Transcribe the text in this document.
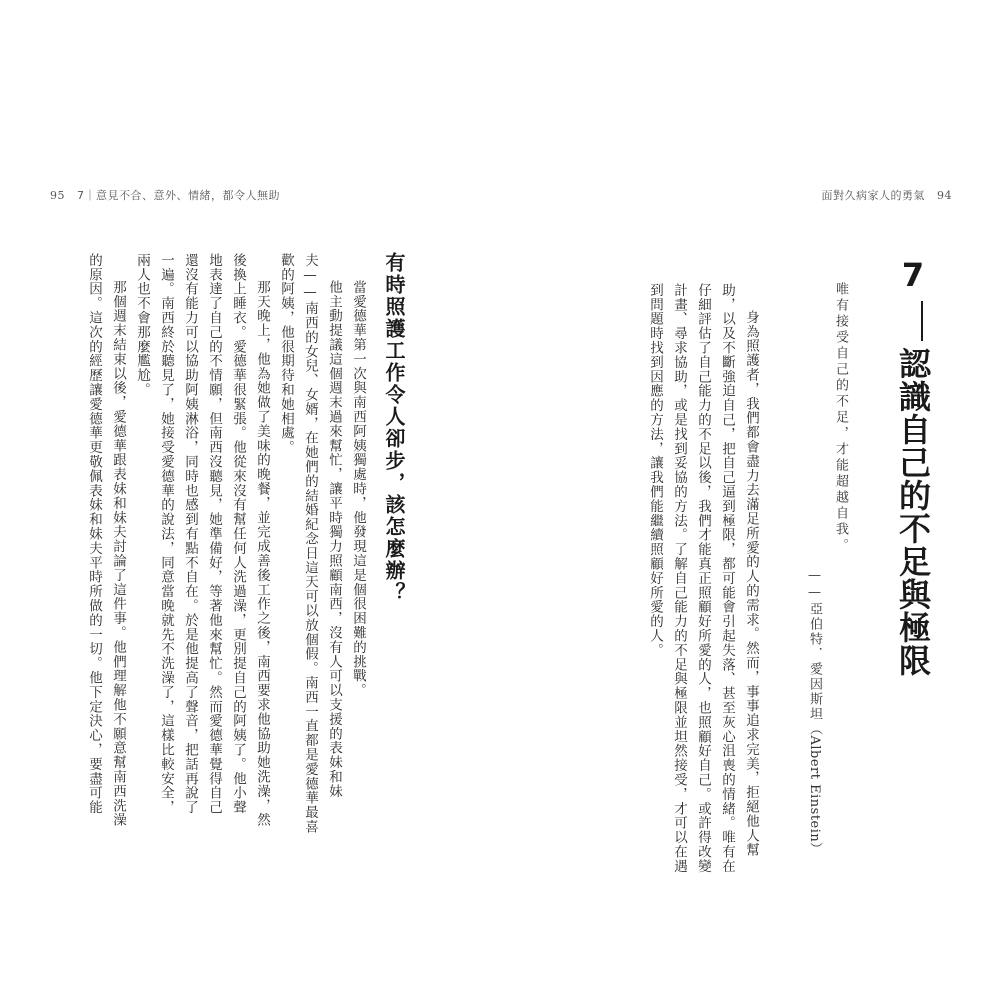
95 7｜意見不合、意外、情緒，都令人無助	面對久病家人的勇氣 94
7認識自己的不足與極限
唯有接受自己的不足，才能超越自我。
——亞伯特．愛因斯坦（Albert Einstein）

身為照護者，我們都會盡力去滿足所愛的人的需求。然而，事事追求完美，拒絕他人幫

助，以及不斷強迫自己，把自己逼到極限，都可能會引起失落、甚至灰心沮喪的情緒。唯有在

仔細評估了自己能力的不足以後，我們才能真正照顧好所愛的人，也照顧好自己。或許得改變

計畫、尋求協助，或是找到妥協的方法。了解自己能力的不足與極限並坦然接受，才可以在遇

到問題時找到因應的方法，讓我們能繼續照顧好所愛的人。

有時照護工作令人卻步，該怎麼辦？

當愛德華第一次與南西阿姨獨處時，他發現這是個很困難的挑戰。

他主動提議這個週末過來幫忙，讓平時獨力照顧南西，沒有人可以支援的表妹和妹

夫——南西的女兒、女婿，在她們的結婚紀念日這天可以放個假。南西一直都是愛德華最喜

歡的阿姨，他很期待和她相處。

那天晚上，他為她做了美味的晚餐，並完成善後工作之後，南西要求他協助她洗澡，然

後換上睡衣。愛德華很緊張。他從來沒有幫任何人洗過澡，更別提自己的阿姨了。他小聲

地表達了自己的不情願，但南西沒聽見，她準備好，等著他來幫忙。然而愛德華覺得自己

還沒有能力可以協助阿姨淋浴，同時也感到有點不自在。於是他提高了聲音，把話再說了

一遍。南西終於聽見了，她接受愛德華的說法，同意當晚就先不洗澡了，這樣比較安全，

兩人也不會那麼尷尬。

那個週末結束以後，愛德華跟表妹和妹夫討論了這件事。他們理解他不願意幫南西洗澡

的原因。這次的經歷讓愛德華更敬佩表妹和妹夫平時所做的一切。他下定決心，要盡可能
